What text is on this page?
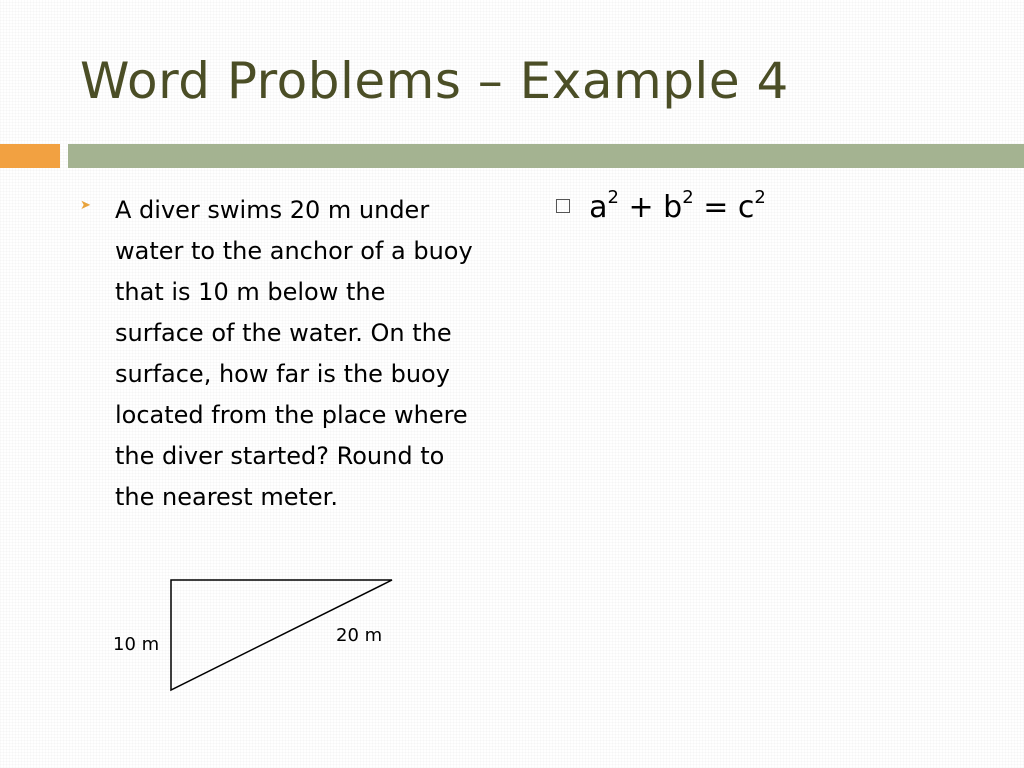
Word Problems – Example 4
➤ A diver swims 20 m under water to the anchor of a buoy that is 10 m below the surface of the water. On the surface, how far is the buoy located from the place where the diver started? Round to the nearest meter.

$a^2 + b^2 = c^2$
10 m	20 m
